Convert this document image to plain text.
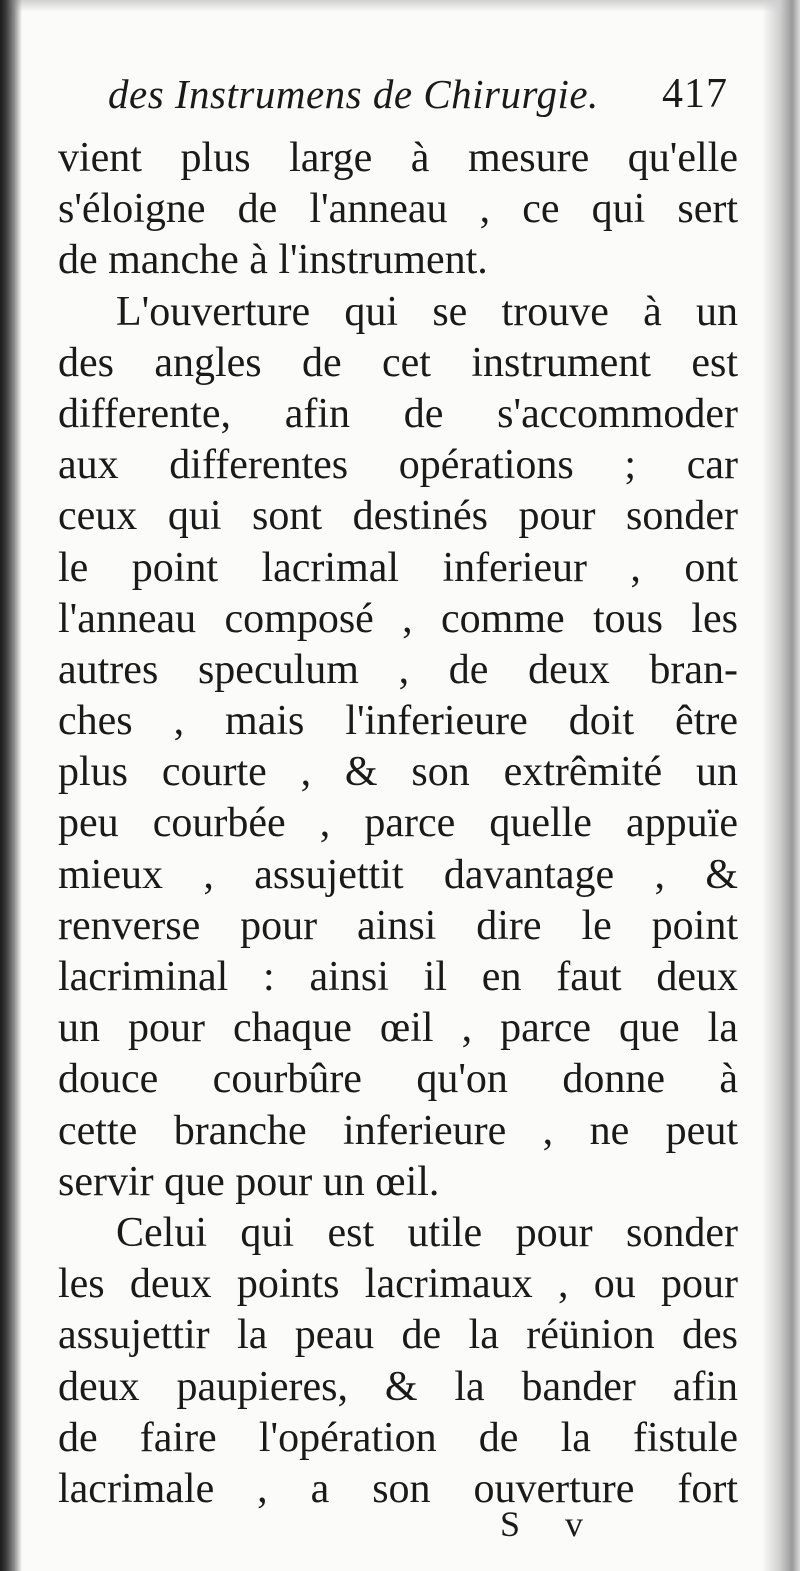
des Instrumens de Chirurgie. 417
vient plus large à mesure qu'elle
s'éloigne de l'anneau , ce qui sert
de manche à l'instrument.
L'ouverture qui se trouve à un
des angles de cet instrument est
differente, afin de s'accommoder
aux differentes opérations ; car
ceux qui sont destinés pour sonder
le point lacrimal inferieur , ont
l'anneau composé , comme tous les
autres speculum , de deux bran-
ches , mais l'inferieure doit être
plus courte , & son extrêmité un
peu courbée , parce quelle appuïe
mieux , assujettit davantage , &
renverse pour ainsi dire le point
lacriminal : ainsi il en faut deux
un pour chaque œil , parce que la
douce courbûre qu'on donne à
cette branche inferieure , ne peut
servir que pour un œil.
Celui qui est utile pour sonder
les deux points lacrimaux , ou pour
assujettir la peau de la réünion des
deux paupieres, & la bander afin
de faire l'opération de la fistule
lacrimale , a son ouverture fort
S v
